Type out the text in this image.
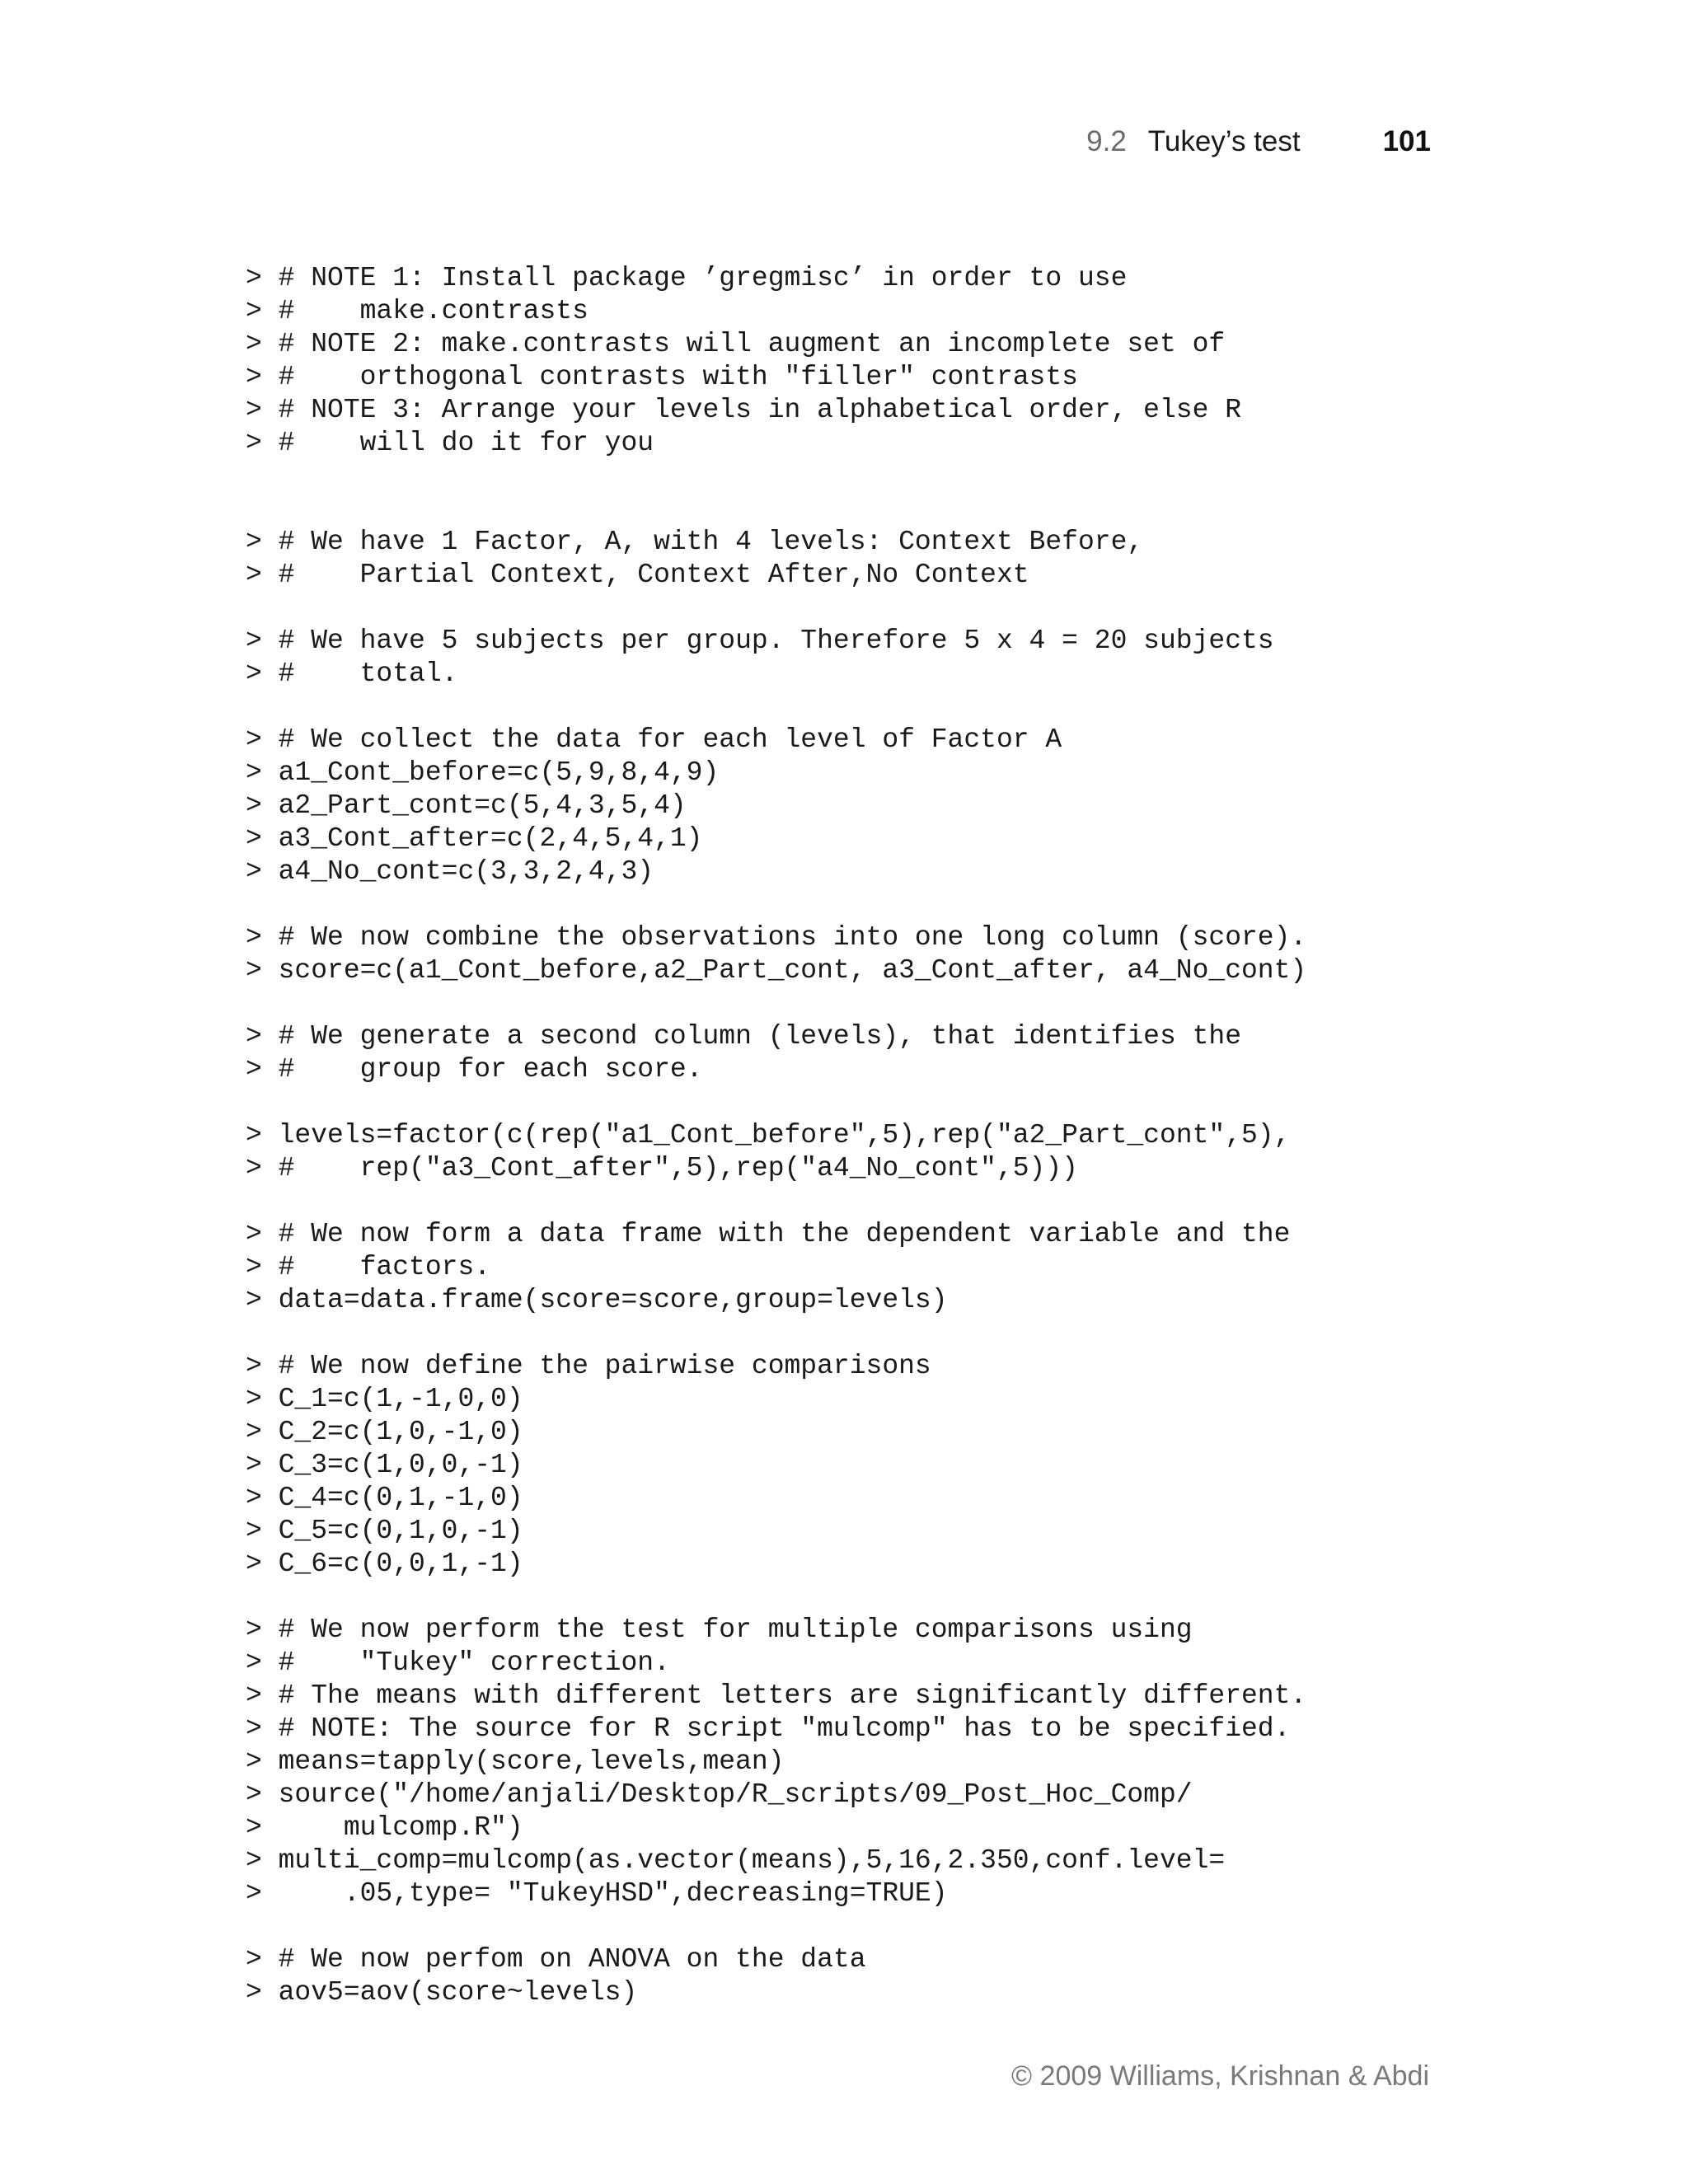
9.2 Tukey’s test	101
> # NOTE 1: Install package ’gregmisc’ in order to use
> #    make.contrasts
> # NOTE 2: make.contrasts will augment an incomplete set of
> #    orthogonal contrasts with "filler" contrasts
> # NOTE 3: Arrange your levels in alphabetical order, else R
> #    will do it for you
> # We have 1 Factor, A, with 4 levels: Context Before,
> #    Partial Context, Context After,No Context
> # We have 5 subjects per group. Therefore 5 x 4 = 20 subjects
> #    total.
> # We collect the data for each level of Factor A
> a1_Cont_before=c(5,9,8,4,9)
> a2_Part_cont=c(5,4,3,5,4)
> a3_Cont_after=c(2,4,5,4,1)
> a4_No_cont=c(3,3,2,4,3)
> # We now combine the observations into one long column (score).
> score=c(a1_Cont_before,a2_Part_cont, a3_Cont_after, a4_No_cont)
> # We generate a second column (levels), that identifies the
> #    group for each score.
> levels=factor(c(rep("a1_Cont_before",5),rep("a2_Part_cont",5),
> #    rep("a3_Cont_after",5),rep("a4_No_cont",5)))
> # We now form a data frame with the dependent variable and the
> #    factors.
> data=data.frame(score=score,group=levels)
> # We now define the pairwise comparisons
> C_1=c(1,-1,0,0)
> C_2=c(1,0,-1,0)
> C_3=c(1,0,0,-1)
> C_4=c(0,1,-1,0)
> C_5=c(0,1,0,-1)
> C_6=c(0,0,1,-1)
> # We now perform the test for multiple comparisons using
> #    "Tukey" correction.
> # The means with different letters are significantly different.
> # NOTE: The source for R script "mulcomp" has to be specified.
> means=tapply(score,levels,mean)
> source("/home/anjali/Desktop/R_scripts/09_Post_Hoc_Comp/
>     mulcomp.R")
> multi_comp=mulcomp(as.vector(means),5,16,2.350,conf.level=
>     .05,type= "TukeyHSD",decreasing=TRUE)
> # We now perfom on ANOVA on the data
> aov5=aov(score~levels)
© 2009 Williams, Krishnan & Abdi
